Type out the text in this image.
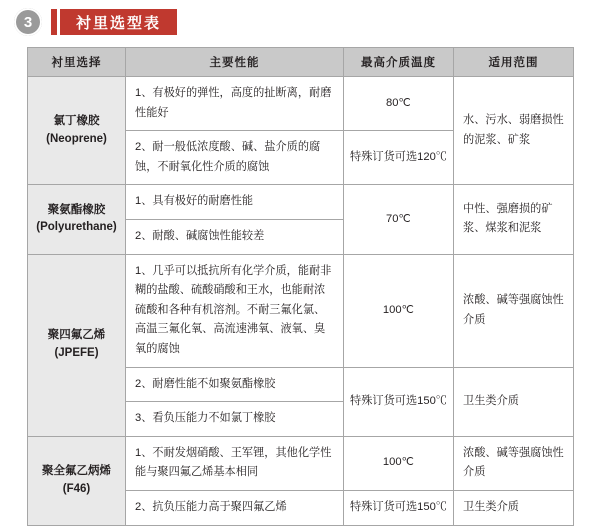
3	衬里选型表
衬里选择	主要性能	最高介质温度	适用范围

氯丁橡胶
(Neoprene)	1、有极好的弹性，高度的扯断离，耐磨性能好	80℃	水、污水、弱磨损性的泥浆、矿浆
	2、耐一般低浓度酸、碱、盐介质的腐蚀，不耐氧化性介质的腐蚀	特殊订货可选120℃	

聚氨酯橡胶
(Polyurethane)	1、具有极好的耐磨性能	70℃	中性、强磨损的矿浆、煤浆和泥浆
	2、耐酸、碱腐蚀性能较差		

聚四氟乙烯
(JPEFE)	1、几乎可以抵抗所有化学介质，能耐非糊的盐酸、硫酸硝酸和王水，也能耐浓硫酸和各种有机溶剂。不耐三氟化氯、高温三氟化氧、高流速沸氧、液氧、臭氧的腐蚀	100℃	浓酸、碱等强腐蚀性介质
	2、耐磨性能不如聚氨酯橡胶	特殊订货可选150℃	卫生类介质
	3、看负压能力不如氯丁橡胶		

聚全氟乙炳烯
(F46)	1、不耐发烟硝酸、王军锂，其他化学性能与聚四氟乙烯基本相同	100℃	浓酸、碱等强腐蚀性介质
	2、抗负压能力高于聚四氟乙烯	特殊订货可选150℃	卫生类介质
